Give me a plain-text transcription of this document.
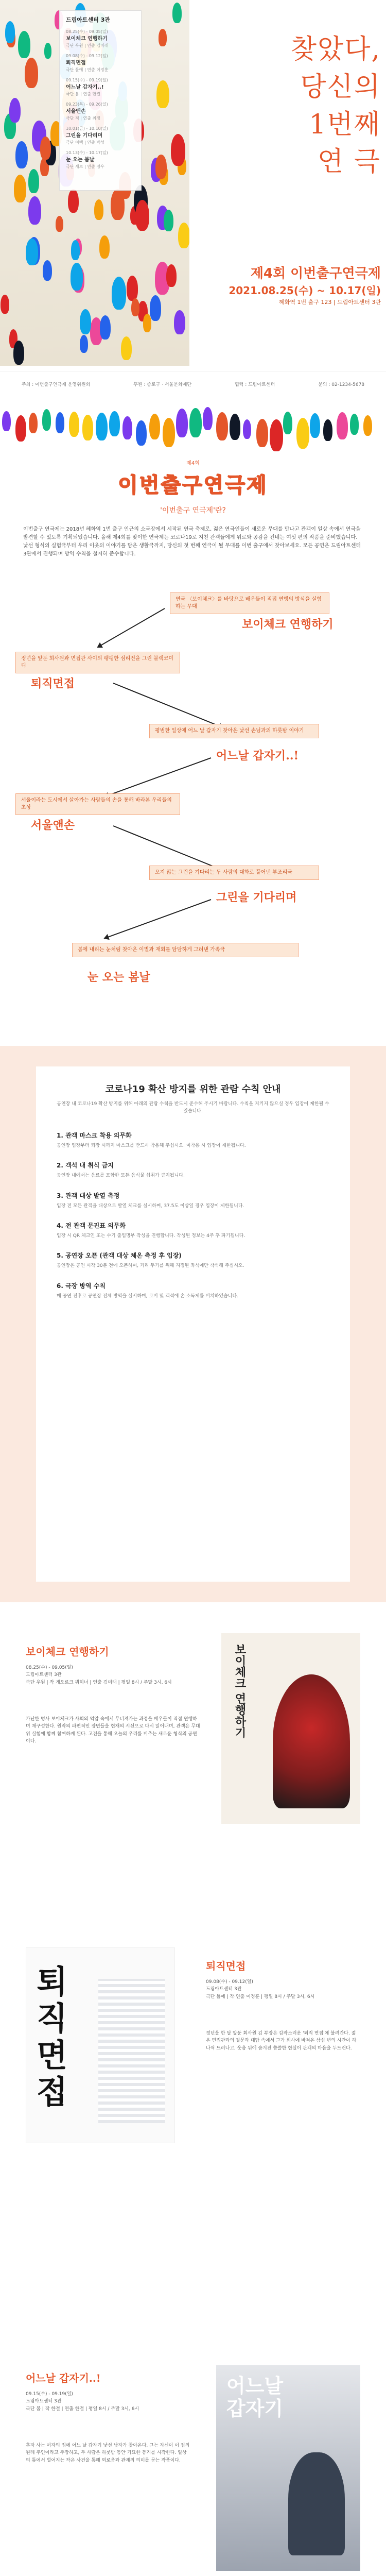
드림아트센터 3관
08.25(수) - 09.05(일)
보이체크 연행하기
극단 우원 | 연출 김미래
09.08(수) - 09.12(일)
퇴직면접
극단 틀에 | 연출 이정훈
09.15(수) - 09.19(일)
어느날 갑자기..!
극단 봄 | 연출 한결
09.23(목) - 09.26(일)
서울앤손
극단 적 | 연출 최정
10.01(금) - 10.10(일)
그린을 기다리며
극단 여백 | 연출 박성
10.13(수) - 10.17(일)
눈 오는 봄날
극단 새로 | 연출 정우
찾았다,
당신의
1번째
연 극
제4회 이번출구연극제
2021.08.25(수) ~ 10.17(일)
혜화역 1번 출구 123 | 드림아트센터 3관
주최 : 이번출구연극제 운영위원회	후원 : 종로구 · 서울문화재단	협력 : 드림아트센터	문의 : 02-1234-5678
제4회
이번출구연극제
'이번출구 연극제'란?
이번출구 연극제는 2018년 혜화역 1번 출구 인근의 소극장에서 시작된 연극 축제로, 젊은 연극인들이 새로운 무대를 만나고 관객이 일상 속에서 연극을 발견할 수 있도록 기획되었습니다. 올해 제4회를 맞이한 연극제는 코로나19로 지친 관객들에게 위로와 공감을 건네는 여섯 편의 작품을 준비했습니다. 낯선 형식의 실험극부터 우리 이웃의 이야기를 담은 생활극까지, 당신의 첫 번째 연극이 될 무대를 이번 출구에서 찾아보세요. 모든 공연은 드림아트센터 3관에서 진행되며 방역 수칙을 철저히 준수합니다.
연극 〈보이체크〉를 바탕으로 배우들이 직접 연행의 방식을 실험하는 무대
보이체크 연행하기
정년을 앞둔 회사원과 면접관 사이의 팽팽한 심리전을 그린 블랙코미디
퇴직면접
평범한 일상에 어느 날 갑자기 찾아온 낯선 손님과의 하룻밤 이야기
어느날 갑자기..!
서울이라는 도시에서 살아가는 사람들의 손을 통해 바라본 우리들의 초상
서울앤손
오지 않는 그린을 기다리는 두 사람의 대화로 풀어낸 부조리극
그린을 기다리며
봄에 내리는 눈처럼 찾아온 이별과 재회를 담담하게 그려낸 가족극
눈 오는 봄날
코로나19 확산 방지를 위한 관람 수칙 안내
공연장 내 코로나19 확산 방지를 위해 아래의 관람 수칙을 반드시 준수해 주시기 바랍니다. 수칙을 지키지 않으실 경우 입장이 제한될 수 있습니다.
1. 관객 마스크 착용 의무화
공연장 입장부터 퇴장 시까지 마스크를 반드시 착용해 주십시오. 미착용 시 입장이 제한됩니다.
2. 객석 내 취식 금지
공연장 내에서는 음료를 포함한 모든 음식물 섭취가 금지됩니다.
3. 관객 대상 발열 측정
입장 전 모든 관객을 대상으로 발열 체크를 실시하며, 37.5도 이상일 경우 입장이 제한됩니다.
4. 전 관객 문진표 의무화
입장 시 QR 체크인 또는 수기 출입명부 작성을 진행합니다. 작성된 정보는 4주 후 파기됩니다.
5. 공연장 오픈 (관객 대상 체온 측정 후 입장)
공연장은 공연 시작 30분 전에 오픈하며, 거리 두기를 위해 지정된 좌석에만 착석해 주십시오.
6. 극장 방역 수칙
매 공연 전후로 공연장 전체 방역을 실시하며, 로비 및 객석에 손 소독제를 비치하였습니다.
보이체크 연행하기
08.25(수) - 09.05(일)
드림아트센터 3관
극단 우원 | 작 게오르크 뷔히너 | 연출 김미래 | 평일 8시 / 주말 3시, 6시
가난한 병사 보이체크가 사회의 억압 속에서 무너져가는 과정을 배우들이 직접 연행하며 재구성한다. 원작의 파편적인 장면들을 현재의 시선으로 다시 읽어내며, 관객은 무대 위 실험에 함께 참여하게 된다. 고전을 통해 오늘의 우리를 비추는 새로운 형식의 공연이다.
보이체크 연행하기
퇴직면접
퇴직면접
09.08(수) - 09.12(일)
드림아트센터 3관
극단 틀에 | 작·연출 이정훈 | 평일 8시 / 주말 3시, 6시
정년을 한 달 앞둔 회사원 김 부장은 갑작스러운 '퇴직 면접'에 불려간다. 젊은 면접관과의 질문과 대답 속에서 그가 회사에 바쳐온 삼십 년의 시간이 하나씩 드러나고, 웃음 뒤에 숨겨진 씁쓸한 현실이 관객의 마음을 두드린다.
어느날 갑자기..!
09.15(수) - 09.19(일)
드림아트센터 3관
극단 봄 | 작 한결 | 연출 한결 | 평일 8시 / 주말 3시, 6시
혼자 사는 여자의 집에 어느 날 갑자기 낯선 남자가 찾아온다. 그는 자신이 이 집의 원래 주인이라고 주장하고, 두 사람은 하룻밤 동안 기묘한 동거를 시작한다. 일상의 틈에서 벌어지는 작은 사건을 통해 외로움과 관계의 의미를 묻는 작품이다.
어느날 갑자기
